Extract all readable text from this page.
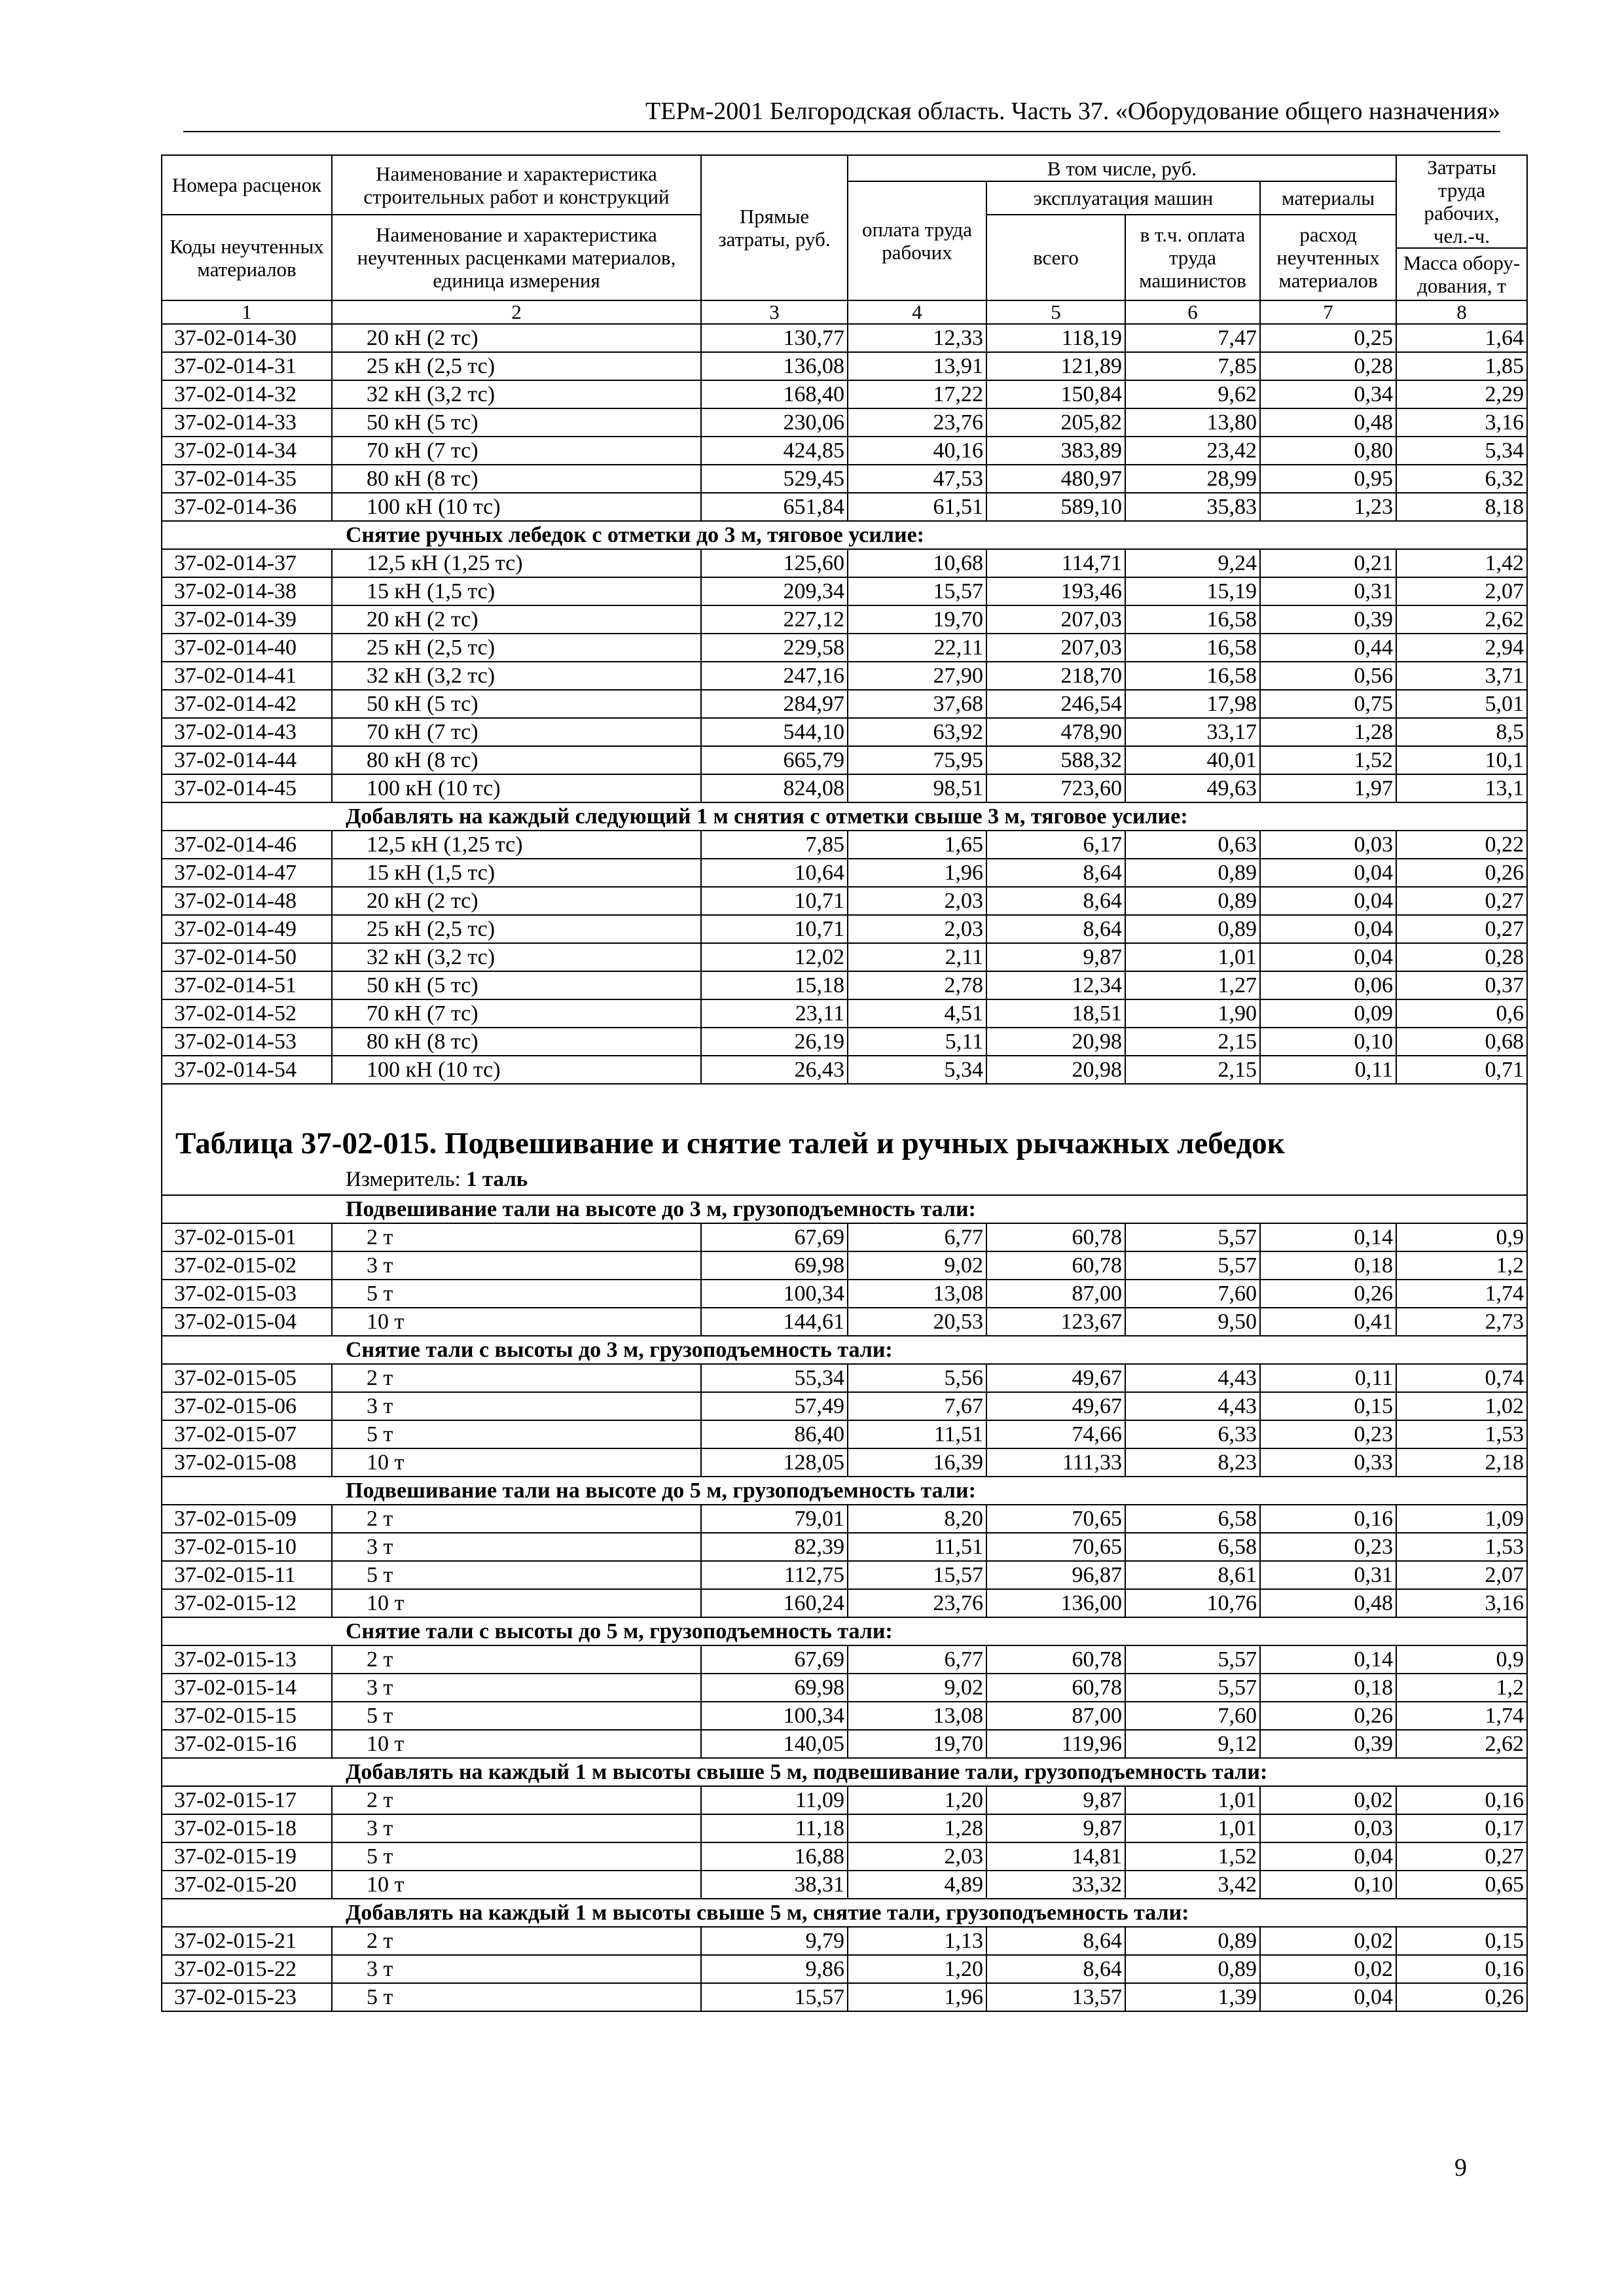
ТЕРм-2001 Белгородская область. Часть 37. «Оборудование общего назначения»
Номера расценок	Наименование и характеристика строительных работ и конструкций	Прямые затраты, руб.	В том числе, руб.				Затраты труда рабочих, чел.-ч.
			оплата труда рабочих	эксплуатация машин		материалы	
Коды неучтенных материалов	Наименование и характеристика неучтенных расценками материалов, единица измерения			всего	в т.ч. оплата труда машинистов	расход неучтенных материалов	
							Масса обору-дования, т
1	2	3	4	5	6	7	8
37-02-014-30	20 кН (2 тс)	130,77	12,33	118,19	7,47	0,25	1,64
37-02-014-31	25 кН (2,5 тс)	136,08	13,91	121,89	7,85	0,28	1,85
37-02-014-32	32 кН (3,2 тс)	168,40	17,22	150,84	9,62	0,34	2,29
37-02-014-33	50 кН (5 тс)	230,06	23,76	205,82	13,80	0,48	3,16
37-02-014-34	70 кН (7 тс)	424,85	40,16	383,89	23,42	0,80	5,34
37-02-014-35	80 кН (8 тс)	529,45	47,53	480,97	28,99	0,95	6,32
37-02-014-36	100 кН (10 тс)	651,84	61,51	589,10	35,83	1,23	8,18
Снятие ручных лебедок с отметки до 3 м, тяговое усилие:							
37-02-014-37	12,5 кН (1,25 тс)	125,60	10,68	114,71	9,24	0,21	1,42
37-02-014-38	15 кН (1,5 тс)	209,34	15,57	193,46	15,19	0,31	2,07
37-02-014-39	20 кН (2 тс)	227,12	19,70	207,03	16,58	0,39	2,62
37-02-014-40	25 кН (2,5 тс)	229,58	22,11	207,03	16,58	0,44	2,94
37-02-014-41	32 кН (3,2 тс)	247,16	27,90	218,70	16,58	0,56	3,71
37-02-014-42	50 кН (5 тс)	284,97	37,68	246,54	17,98	0,75	5,01
37-02-014-43	70 кН (7 тс)	544,10	63,92	478,90	33,17	1,28	8,5
37-02-014-44	80 кН (8 тс)	665,79	75,95	588,32	40,01	1,52	10,1
37-02-014-45	100 кН (10 тс)	824,08	98,51	723,60	49,63	1,97	13,1
Добавлять на каждый следующий 1 м снятия с отметки свыше 3 м, тяговое усилие:							
37-02-014-46	12,5 кН (1,25 тс)	7,85	1,65	6,17	0,63	0,03	0,22
37-02-014-47	15 кН (1,5 тс)	10,64	1,96	8,64	0,89	0,04	0,26
37-02-014-48	20 кН (2 тс)	10,71	2,03	8,64	0,89	0,04	0,27
37-02-014-49	25 кН (2,5 тс)	10,71	2,03	8,64	0,89	0,04	0,27
37-02-014-50	32 кН (3,2 тс)	12,02	2,11	9,87	1,01	0,04	0,28
37-02-014-51	50 кН (5 тс)	15,18	2,78	12,34	1,27	0,06	0,37
37-02-014-52	70 кН (7 тс)	23,11	4,51	18,51	1,90	0,09	0,6
37-02-014-53	80 кН (8 тс)	26,19	5,11	20,98	2,15	0,10	0,68
37-02-014-54	100 кН (10 тс)	26,43	5,34	20,98	2,15	0,11	0,71

Таблица 37-02-015. Подвешивание и снятие талей и ручных рычажных лебедок							
Измеритель: 1 таль							
Подвешивание тали на высоте до 3 м, грузоподъемность тали:							
37-02-015-01	2 т	67,69	6,77	60,78	5,57	0,14	0,9
37-02-015-02	3 т	69,98	9,02	60,78	5,57	0,18	1,2
37-02-015-03	5 т	100,34	13,08	87,00	7,60	0,26	1,74
37-02-015-04	10 т	144,61	20,53	123,67	9,50	0,41	2,73
Снятие тали с высоты до 3 м, грузоподъемность тали:							
37-02-015-05	2 т	55,34	5,56	49,67	4,43	0,11	0,74
37-02-015-06	3 т	57,49	7,67	49,67	4,43	0,15	1,02
37-02-015-07	5 т	86,40	11,51	74,66	6,33	0,23	1,53
37-02-015-08	10 т	128,05	16,39	111,33	8,23	0,33	2,18
Подвешивание тали на высоте до 5 м, грузоподъемность тали:							
37-02-015-09	2 т	79,01	8,20	70,65	6,58	0,16	1,09
37-02-015-10	3 т	82,39	11,51	70,65	6,58	0,23	1,53
37-02-015-11	5 т	112,75	15,57	96,87	8,61	0,31	2,07
37-02-015-12	10 т	160,24	23,76	136,00	10,76	0,48	3,16
Снятие тали с высоты до 5 м, грузоподъемность тали:							
37-02-015-13	2 т	67,69	6,77	60,78	5,57	0,14	0,9
37-02-015-14	3 т	69,98	9,02	60,78	5,57	0,18	1,2
37-02-015-15	5 т	100,34	13,08	87,00	7,60	0,26	1,74
37-02-015-16	10 т	140,05	19,70	119,96	9,12	0,39	2,62
Добавлять на каждый 1 м высоты свыше 5 м, подвешивание тали, грузоподъемность тали:							
37-02-015-17	2 т	11,09	1,20	9,87	1,01	0,02	0,16
37-02-015-18	3 т	11,18	1,28	9,87	1,01	0,03	0,17
37-02-015-19	5 т	16,88	2,03	14,81	1,52	0,04	0,27
37-02-015-20	10 т	38,31	4,89	33,32	3,42	0,10	0,65
Добавлять на каждый 1 м высоты свыше 5 м, снятие тали, грузоподъемность тали:							
37-02-015-21	2 т	9,79	1,13	8,64	0,89	0,02	0,15
37-02-015-22	3 т	9,86	1,20	8,64	0,89	0,02	0,16
37-02-015-23	5 т	15,57	1,96	13,57	1,39	0,04	0,26
9
